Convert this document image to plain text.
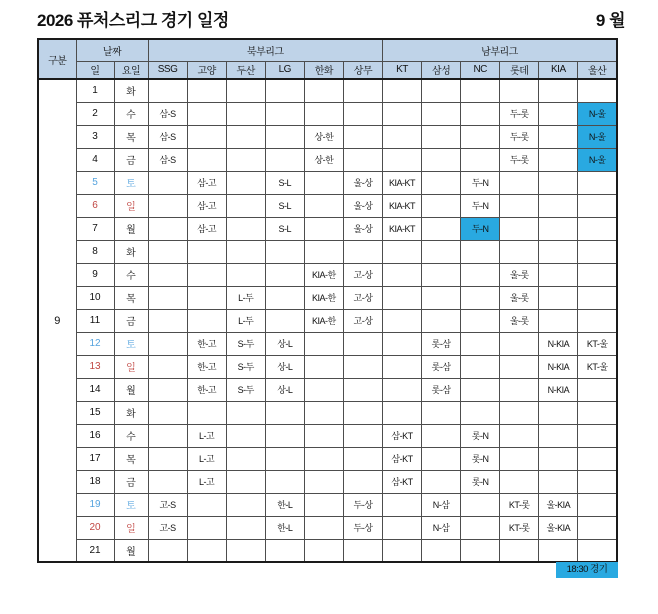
2026 퓨처스리그 경기 일정	9 월
구분	날짜		북부리그						남부리그					
	일	요일	SSG	고양	두산	LG	한화	상무	KT	삼성	NC	롯데	KIA	울산
9	1	화												
	2	수	삼-S									두-롯		N-울
	3	목	삼-S				상-한					두-롯		N-울
	4	금	삼-S				상-한					두-롯		N-울
	5	토		삼-고		S-L		울-상	KIA-KT		두-N			
	6	일		삼-고		S-L		울-상	KIA-KT		두-N			
	7	월		삼-고		S-L		울-상	KIA-KT		두-N			
	8	화												
	9	수					KIA-한	고-상				울-롯		
	10	목			L-두		KIA-한	고-상				울-롯		
	11	금			L-두		KIA-한	고-상				울-롯		
	12	토		한-고	S-두	상-L				롯-삼			N-KIA	KT-울
	13	일		한-고	S-두	상-L				롯-삼			N-KIA	KT-울
	14	월		한-고	S-두	상-L				롯-삼			N-KIA	
	15	화												
	16	수		L-고					삼-KT		롯-N			
	17	목		L-고					삼-KT		롯-N			
	18	금		L-고					삼-KT		롯-N			
	19	토	고-S			한-L		두-상		N-삼		KT-롯	울-KIA	
	20	일	고-S			한-L		두-상		N-삼		KT-롯	울-KIA	
	21	월												
18:30 경기
